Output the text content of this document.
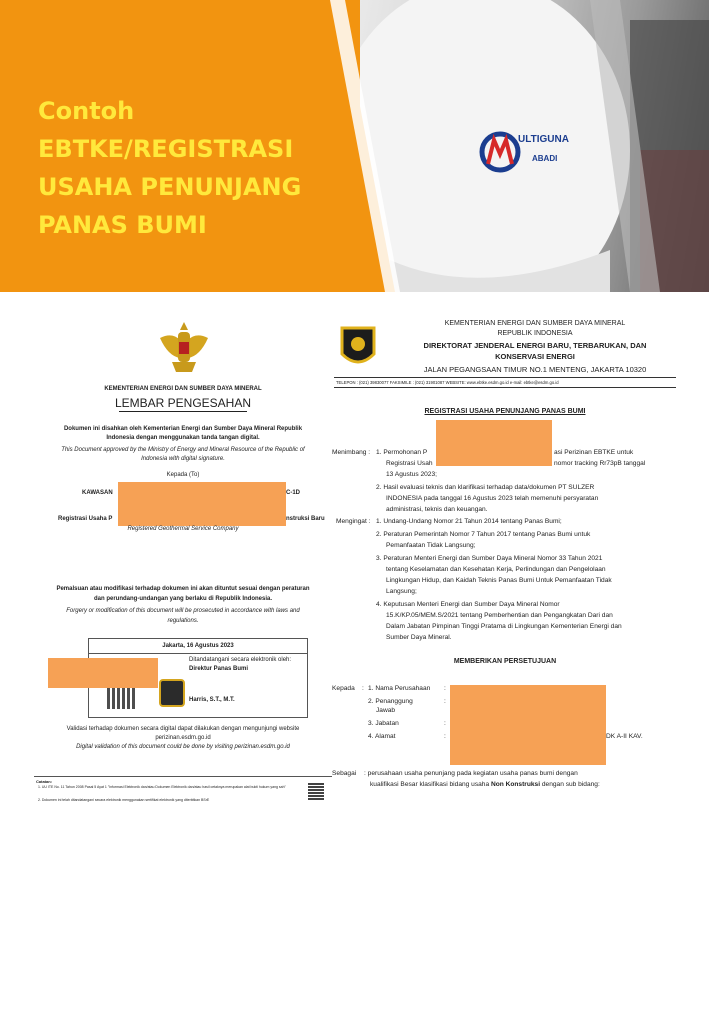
ULTIGUNA
ABADI
Contoh
EBTKE/REGISTRASI
USAHA PENUNJANG
PANAS BUMI
KEMENTERIAN ENERGI DAN SUMBER DAYA MINERAL
LEMBAR PENGESAHAN
Dokumen ini disahkan oleh Kementerian Energi dan Sumber Daya Mineral Republik
Indonesia dengan menggunakan tanda tangan digital.
This Document approved by the Ministry of Energy and Mineral Resource of the Republic of
Indonesia with digital signature.
Kepada (To)
KAWASAN	C-1D
Registrasi Usaha P	nstruksi Baru
Registered Geothermal Service Company
Pemalsuan atau modifikasi terhadap dokumen ini akan dituntut sesuai dengan peraturan
dan perundang-undangan yang berlaku di Republik Indonesia.
Forgery or modification of this document will be prosecuted in accordance with laws and
regulations.
Jakarta, 16 Agustus 2023
Ditandatangani secara elektronik oleh:
Direktur Panas Bumi
Harris, S.T., M.T.
Validasi terhadap dokumen secara digital dapat dilakukan dengan mengunjungi website
perizinan.esdm.go.id
Digital validation of this document could be done by visiting perizinan.esdm.go.id
Catatan:
1. UU ITE No. 11 Tahun 2008 Pasal 5 Ayat 1 "Informasi Elektronik dan/atau Dokumen Elektronik dan/atau hasil cetaknya merupakan alat bukti hukum yang sah"
2. Dokumen ini telah ditandatangani secara elektronik menggunakan sertifikat elektronik yang diterbitkan BSrE
KEMENTERIAN ENERGI DAN SUMBER DAYA MINERAL
REPUBLIK INDONESIA
DIREKTORAT JENDERAL ENERGI BARU, TERBARUKAN, DAN
KONSERVASI ENERGI
JALAN PEGANGSAAN TIMUR NO.1 MENTENG, JAKARTA 10320
TELEPON : (021) 39830077 FAKSIMILE : (021) 31901087 WEBSITE: www.ebtke.esdm.go.id e-mail: ebtke@esdm.go.id
REGISTRASI USAHA PENUNJANG PANAS BUMI
Menimbang : 1. Permohonan P	asi Perizinan EBTKE untuk
Registrasi Usah	nomor tracking Rr73pB tanggal
13 Agustus 2023;
2. Hasil evaluasi teknis dan klarifikasi terhadap data/dokumen PT SULZER
INDONESIA pada tanggal 16 Agustus 2023 telah memenuhi persyaratan
administrasi, teknis dan keuangan.
Mengingat : 1. Undang-Undang Nomor 21 Tahun 2014 tentang Panas Bumi;
2. Peraturan Pemerintah Nomor 7 Tahun 2017 tentang Panas Bumi untuk
Pemanfaatan Tidak Langsung;
3. Peraturan Menteri Energi dan Sumber Daya Mineral Nomor 33 Tahun 2021
tentang Keselamatan dan Kesehatan Kerja, Perlindungan dan Pengelolaan
Lingkungan Hidup, dan Kaidah Teknis Panas Bumi Untuk Pemanfaatan Tidak
Langsung;
4. Keputusan Menteri Energi dan Sumber Daya Mineral Nomor
15.K/KP.05/MEM.S/2021 tentang Pemberhentian dan Pengangkatan Dari dan
Dalam Jabatan Pimpinan Tinggi Pratama di Lingkungan Kementerian Energi dan
Sumber Daya Mineral.
MEMBERIKAN PERSETUJUAN
Kepada : 1. Nama Perusahaan :
2. Penanggung	:
Jawab
3. Jabatan	:
4. Alamat	:	DK A-II KAV.
Sebagai : perusahaan usaha penunjang pada kegiatan usaha panas bumi dengan
kualifikasi Besar klasifikasi bidang usaha Non Konstruksi dengan sub bidang:
